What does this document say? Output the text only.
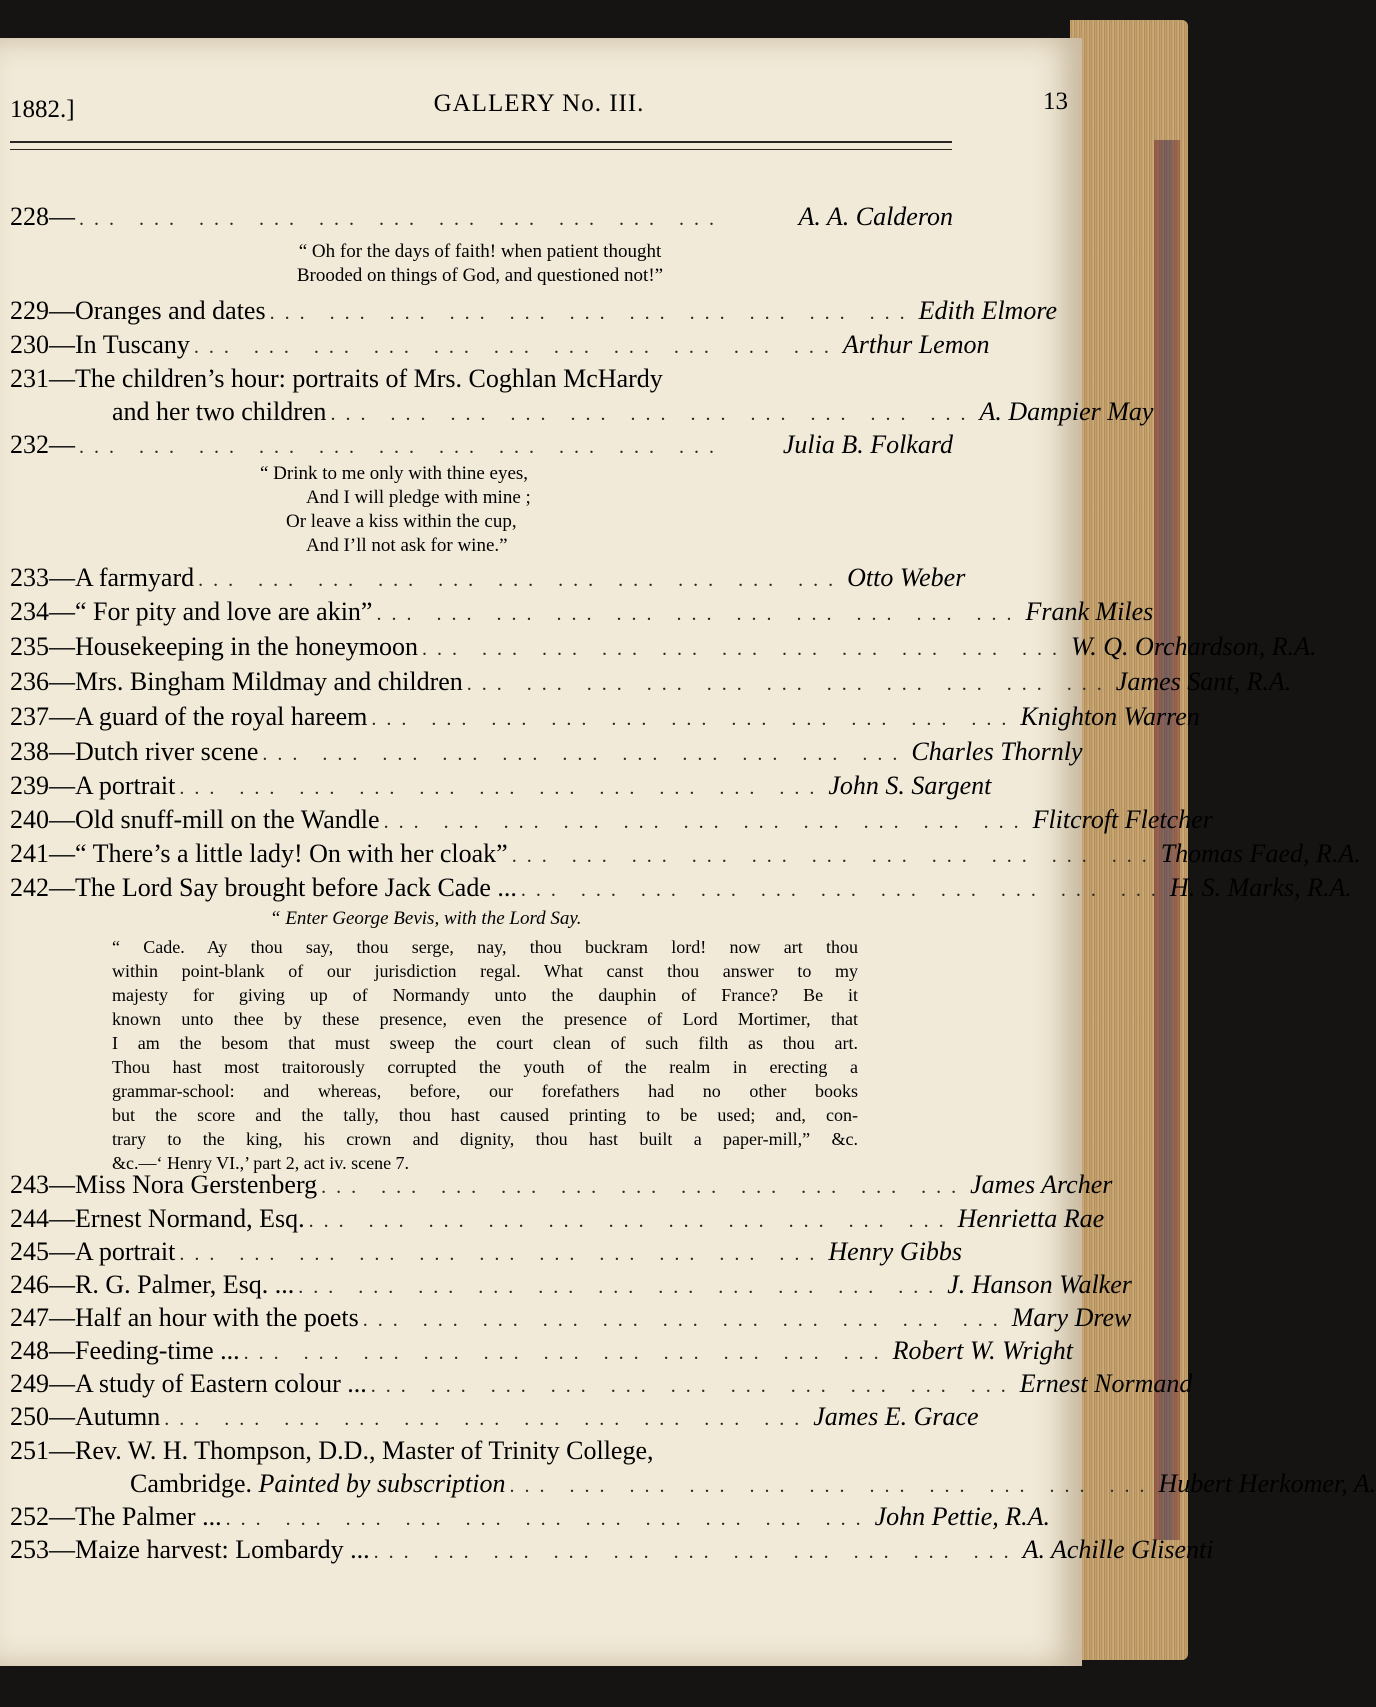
1882.]	GALLERY No. III.	13
228— ... ... ... ... ... ... ... ... ... ... ...	A. A. Calderon
“ Oh for the days of faith! when patient thought
Brooded on things of God, and questioned not!”
229— Oranges and dates ... ... ... ... ... ... ... ... ... ... ... Edith Elmore
230— In Tuscany ... ... ... ... ... ... ... ... ... ... ... Arthur Lemon
231— The children’s hour: portraits of Mrs. Coghlan McHardy
and her two children ... ... ... ... ... ... ... ... ... ... ... A. Dampier May
232— ... ... ... ... ... ... ... ... ... ... ...	Julia B. Folkard
“ Drink to me only with thine eyes,
And I will pledge with mine ;
Or leave a kiss within the cup,
And I’ll not ask for wine.”
233— A farmyard ... ... ... ... ... ... ... ... ... ... ... Otto Weber
234— “ For pity and love are akin” ... ... ... ... ... ... ... ... ... ... ... Frank Miles
235— Housekeeping in the honeymoon ... ... ... ... ... ... ... ... ... ... ... W. Q. Orchardson, R.A.
236— Mrs. Bingham Mildmay and children ... ... ... ... ... ... ... ... ... ... ... James Sant, R.A.
237— A guard of the royal hareem ... ... ... ... ... ... ... ... ... ... ... Knighton Warren
238— Dutch river scene ... ... ... ... ... ... ... ... ... ... ... Charles Thornly
239— A portrait ... ... ... ... ... ... ... ... ... ... ... John S. Sargent
240— Old snuff-mill on the Wandle ... ... ... ... ... ... ... ... ... ... ... Flitcroft Fletcher
241— “ There’s a little lady! On with her cloak” ... ... ... ... ... ... ... ... ... ... ... Thomas Faed, R.A.
242— The Lord Say brought before Jack Cade ... ... ... ... ... ... ... ... ... ... ... ... H. S. Marks, R.A.
“ Enter George Bevis, with the Lord Say.
“ Cade. Ay thou say, thou serge, nay, thou buckram lord! now art thou
within point-blank of our jurisdiction regal. What canst thou answer to my
majesty for giving up of Normandy unto the dauphin of France? Be it
known unto thee by these presence, even the presence of Lord Mortimer, that
I am the besom that must sweep the court clean of such filth as thou art.
Thou hast most traitorously corrupted the youth of the realm in erecting a
grammar-school: and whereas, before, our forefathers had no other books
but the score and the tally, thou hast caused printing to be used; and, con-
trary to the king, his crown and dignity, thou hast built a paper-mill,” &c.
&c.—‘ Henry VI.,’ part 2, act iv. scene 7.
243— Miss Nora Gerstenberg ... ... ... ... ... ... ... ... ... ... ... James Archer
244— Ernest Normand, Esq. ... ... ... ... ... ... ... ... ... ... ... Henrietta Rae
245— A portrait ... ... ... ... ... ... ... ... ... ... ... Henry Gibbs
246— R. G. Palmer, Esq. ... ... ... ... ... ... ... ... ... ... ... ... J. Hanson Walker
247— Half an hour with the poets ... ... ... ... ... ... ... ... ... ... ... Mary Drew
248— Feeding-time ... ... ... ... ... ... ... ... ... ... ... ... Robert W. Wright
249— A study of Eastern colour ... ... ... ... ... ... ... ... ... ... ... ... Ernest Normand
250— Autumn ... ... ... ... ... ... ... ... ... ... ... James E. Grace
251— Rev. W. H. Thompson, D.D., Master of Trinity College,
Cambridge.
Painted by subscription ... ... ... ... ... ... ... ... ... ... ... Hubert Herkomer, A.
252— The Palmer ... ... ... ... ... ... ... ... ... ... ... ... John Pettie, R.A.
253— Maize harvest: Lombardy ... ... ... ... ... ... ... ... ... ... ... ... A. Achille Glisenti
